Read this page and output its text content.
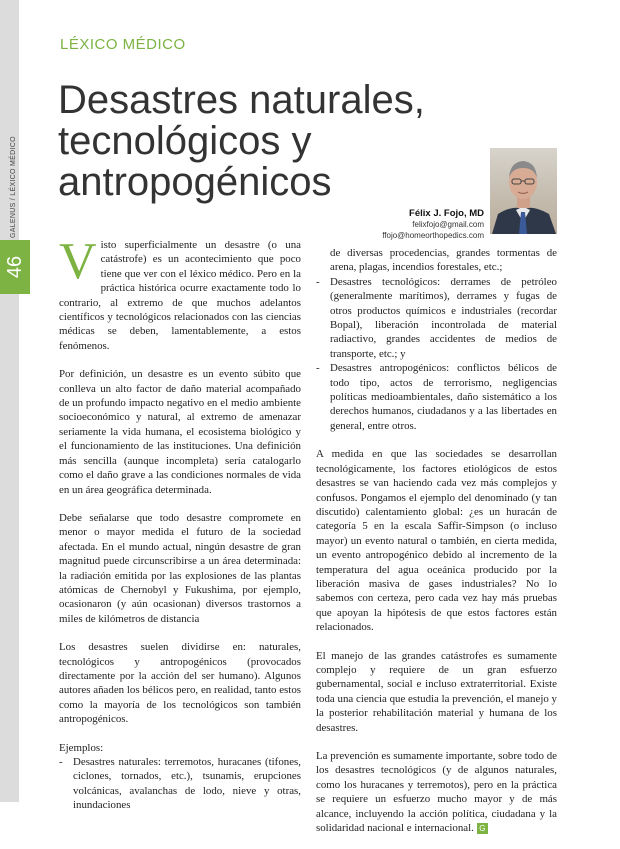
46
GALENUS / LÉXICO MÉDICO
LÉXICO MÉDICO
Desastres naturales,
tecnológicos y
antropogénicos
Félix J. Fojo, MD
felixfojo@gmail.com
ffojo@homeorthopedics.com

Visto superficialmente un desastre (o una catástrofe) es un acontecimiento que poco tiene que ver con el léxico médico. Pero en la práctica histórica ocurre exactamente todo lo contrario, al extremo de que muchos adelantos científicos y tecnológicos relacionados con las ciencias médicas se deben, lamentablemente, a estos fenómenos.

Por definición, un desastre es un evento súbito que conlleva un alto factor de daño material acompañado de un profundo impacto negativo en el medio ambiente socioeconómico y natural, al extremo de amenazar seriamente la vida humana, el ecosistema biológico y el funcionamiento de las instituciones. Una definición más sencilla (aunque incompleta) sería catalogarlo como el daño grave a las condiciones normales de vida en un área geográfica determinada.

Debe señalarse que todo desastre compromete en menor o mayor medida el futuro de la sociedad afectada. En el mundo actual, ningún desastre de gran magnitud puede circunscribirse a un área determinada: la radiación emitida por las explosiones de las plantas atómicas de Chernobyl y Fukushima, por ejemplo, ocasionaron (y aún ocasionan) diversos trastornos a miles de kilómetros de distancia

Los desastres suelen dividirse en: naturales, tecnológicos y antropogénicos (provocados directamente por la acción del ser humano). Algunos autores añaden los bélicos pero, en realidad, tanto estos como la mayoría de los tecnológicos son también antropogénicos.

Ejemplos:

- Desastres naturales: terremotos, huracanes (tifones, ciclones, tornados, etc.), tsunamis, erupciones volcánicas, avalanchas de lodo, nieve y otras, inundaciones
de diversas procedencias, grandes tormentas de arena, plagas, incendios forestales, etc.;
- Desastres tecnológicos: derrames de petróleo (generalmente marítimos), derrames y fugas de otros productos químicos e industriales (recordar Bopal), liberación incontrolada de material radiactivo, grandes accidentes de medios de transporte, etc.; y
- Desastres antropogénicos: conflictos bélicos de todo tipo, actos de terrorismo, negligencias políticas medioambientales, daño sistemático a los derechos humanos, ciudadanos y a las libertades en general, entre otros.

A medida en que las sociedades se desarrollan tecnológicamente, los factores etiológicos de estos desastres se van haciendo cada vez más complejos y confusos. Pongamos el ejemplo del denominado (y tan discutido) calentamiento global: ¿es un huracán de categoría 5 en la escala Saffir-Simpson (o incluso mayor) un evento natural o también, en cierta medida, un evento antropogénico debido al incremento de la temperatura del agua oceánica producido por la liberación masiva de gases industriales? No lo sabemos con certeza, pero cada vez hay más pruebas que apoyan la hipótesis de que estos factores están relacionados.

El manejo de las grandes catástrofes es sumamente complejo y requiere de un gran esfuerzo gubernamental, social e incluso extraterritorial. Existe toda una ciencia que estudia la prevención, el manejo y la posterior rehabilitación material y humana de los desastres.

La prevención es sumamente importante, sobre todo de los desastres tecnológicos (y de algunos naturales, como los huracanes y terremotos), pero en la práctica se requiere un esfuerzo mucho mayor y de más alcance, incluyendo la acción política, ciudadana y la solidaridad nacional e internacional. G
